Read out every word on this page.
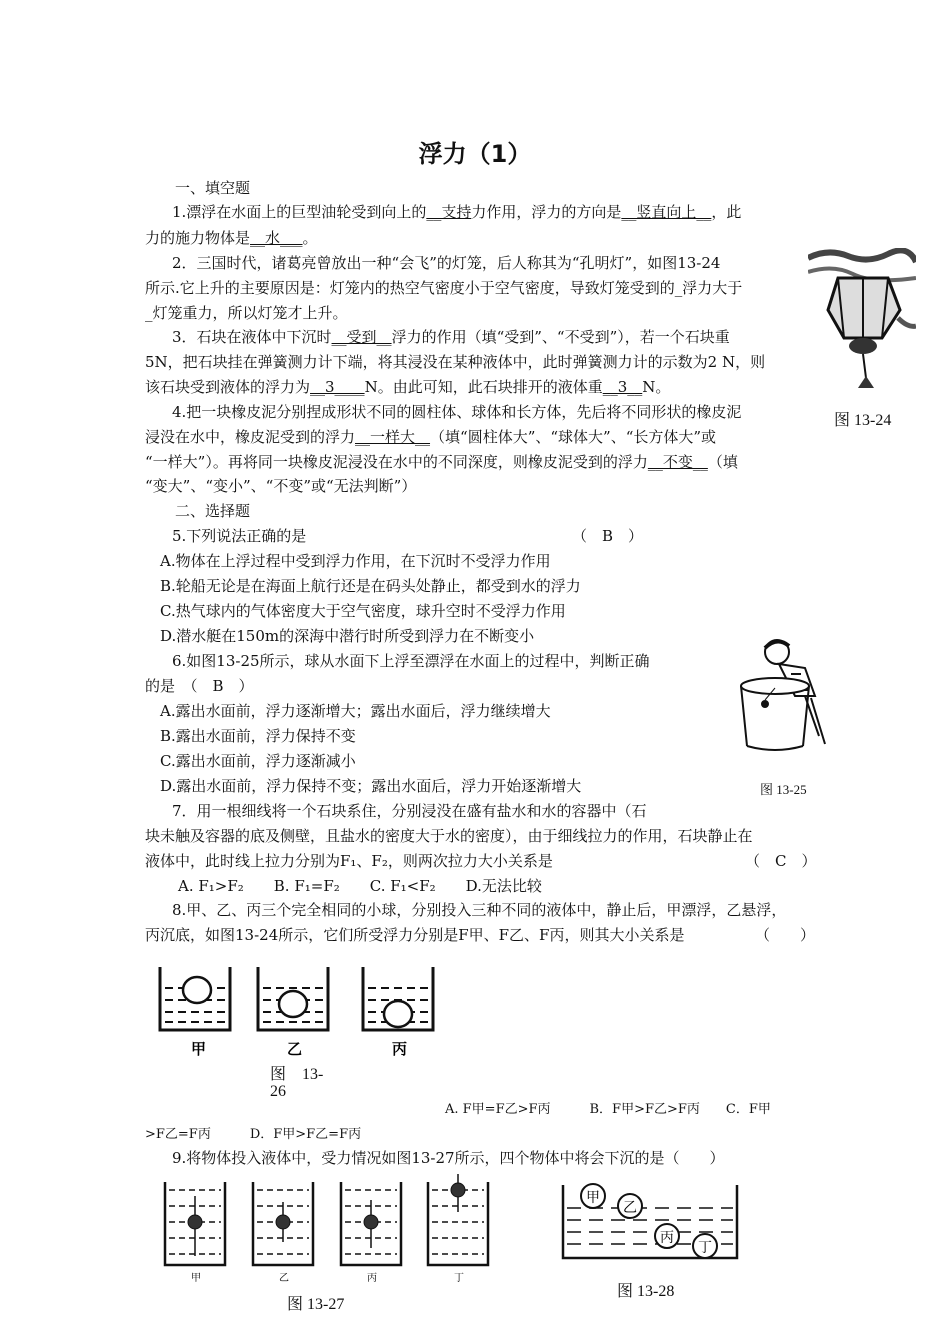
浮力（1）
一、填空题
1.漂浮在水面上的巨型油轮受到向上的__支持力作用，浮力的方向是__竖直向上__，此
力的施力物体是__水___。
2．三国时代，诸葛亮曾放出一种“会飞”的灯笼，后人称其为“孔明灯”，如图13-24
所示.它上升的主要原因是：灯笼内的热空气密度小于空气密度，导致灯笼受到的_浮力大于
_灯笼重力，所以灯笼才上升。
3．石块在液体中下沉时__受到__浮力的作用（填“受到”、“不受到”），若一个石块重
5N，把石块挂在弹簧测力计下端，将其浸没在某种液体中，此时弹簧测力计的示数为2 N，则
该石块受到液体的浮力为__3____N。由此可知，此石块排开的液体重__3__N。
4.把一块橡皮泥分别捏成形状不同的圆柱体、球体和长方体，先后将不同形状的橡皮泥
浸没在水中，橡皮泥受到的浮力__一样大__（填“圆柱体大”、“球体大”、“长方体大”或
“一样大”）。再将同一块橡皮泥浸没在水中的不同深度，则橡皮泥受到的浮力__不变__（填
“变大”、“变小”、“不变”或“无法判断”）
图 13-24
二、选择题
5.下列说法正确的是	（　B　）
A.物体在上浮过程中受到浮力作用，在下沉时不受浮力作用
B.轮船无论是在海面上航行还是在码头处静止，都受到水的浮力
C.热气球内的气体密度大于空气密度，球升空时不受浮力作用
D.潜水艇在150m的深海中潜行时所受到浮力在不断变小
6.如图13-25所示，球从水面下上浮至漂浮在水面上的过程中，判断正确
的是　（　B　）
A.露出水面前，浮力逐渐增大；露出水面后，浮力继续增大
B.露出水面前，浮力保持不变
C.露出水面前，浮力逐渐减小
D.露出水面前，浮力保持不变；露出水面后，浮力开始逐渐增大	图 13-25
7．用一根细线将一个石块系住，分别浸没在盛有盐水和水的容器中（石
块未触及容器的底及侧壁，且盐水的密度大于水的密度），由于细线拉力的作用，石块静止在
液体中，此时线上拉力分别为F₁、F₂，则两次拉力大小关系是	（　C　）
A. F₁>F₂　　B. F₁=F₂　　C. F₁<F₂　　D.无法比较
8.甲、乙、丙三个完全相同的小球，分别投入三种不同的液体中，静止后，甲漂浮，乙悬浮，
丙沉底，如图13-24所示，它们所受浮力分别是F甲、F乙、F丙，则其大小关系是	（　　）
甲	乙	丙
图　13-
26
A. F甲=F乙>F丙　　　B．F甲>F乙>F丙　　C．F甲
>F乙=F丙　　　D．F甲>F乙=F丙
9.将物体投入液体中，受力情况如图13-27所示，四个物体中将会下沉的是（　　）
甲	乙	丙	丁
图 13-27
甲
乙
丙
丁
图 13-28
